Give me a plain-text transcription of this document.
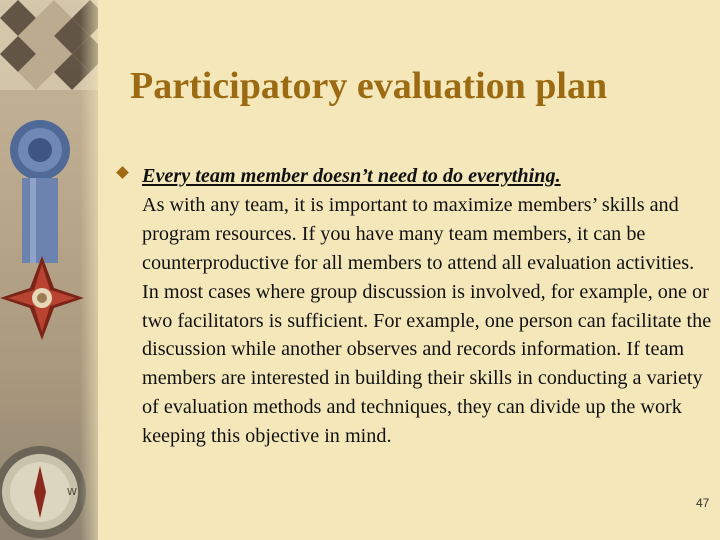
W
Participatory evaluation plan
Every team member doesn’t need to do everything.
As with any team, it is important to maximize members’ skills and program resources. If you have many team members, it can be counterproductive for all members to attend all evaluation activities. In most cases where group discussion is involved, for example, one or two facilitators is sufficient. For example, one person can facilitate the discussion while another observes and records information. If team members are interested in building their skills in conducting a variety of evaluation methods and techniques, they can divide up the work keeping this objective in mind.
47
